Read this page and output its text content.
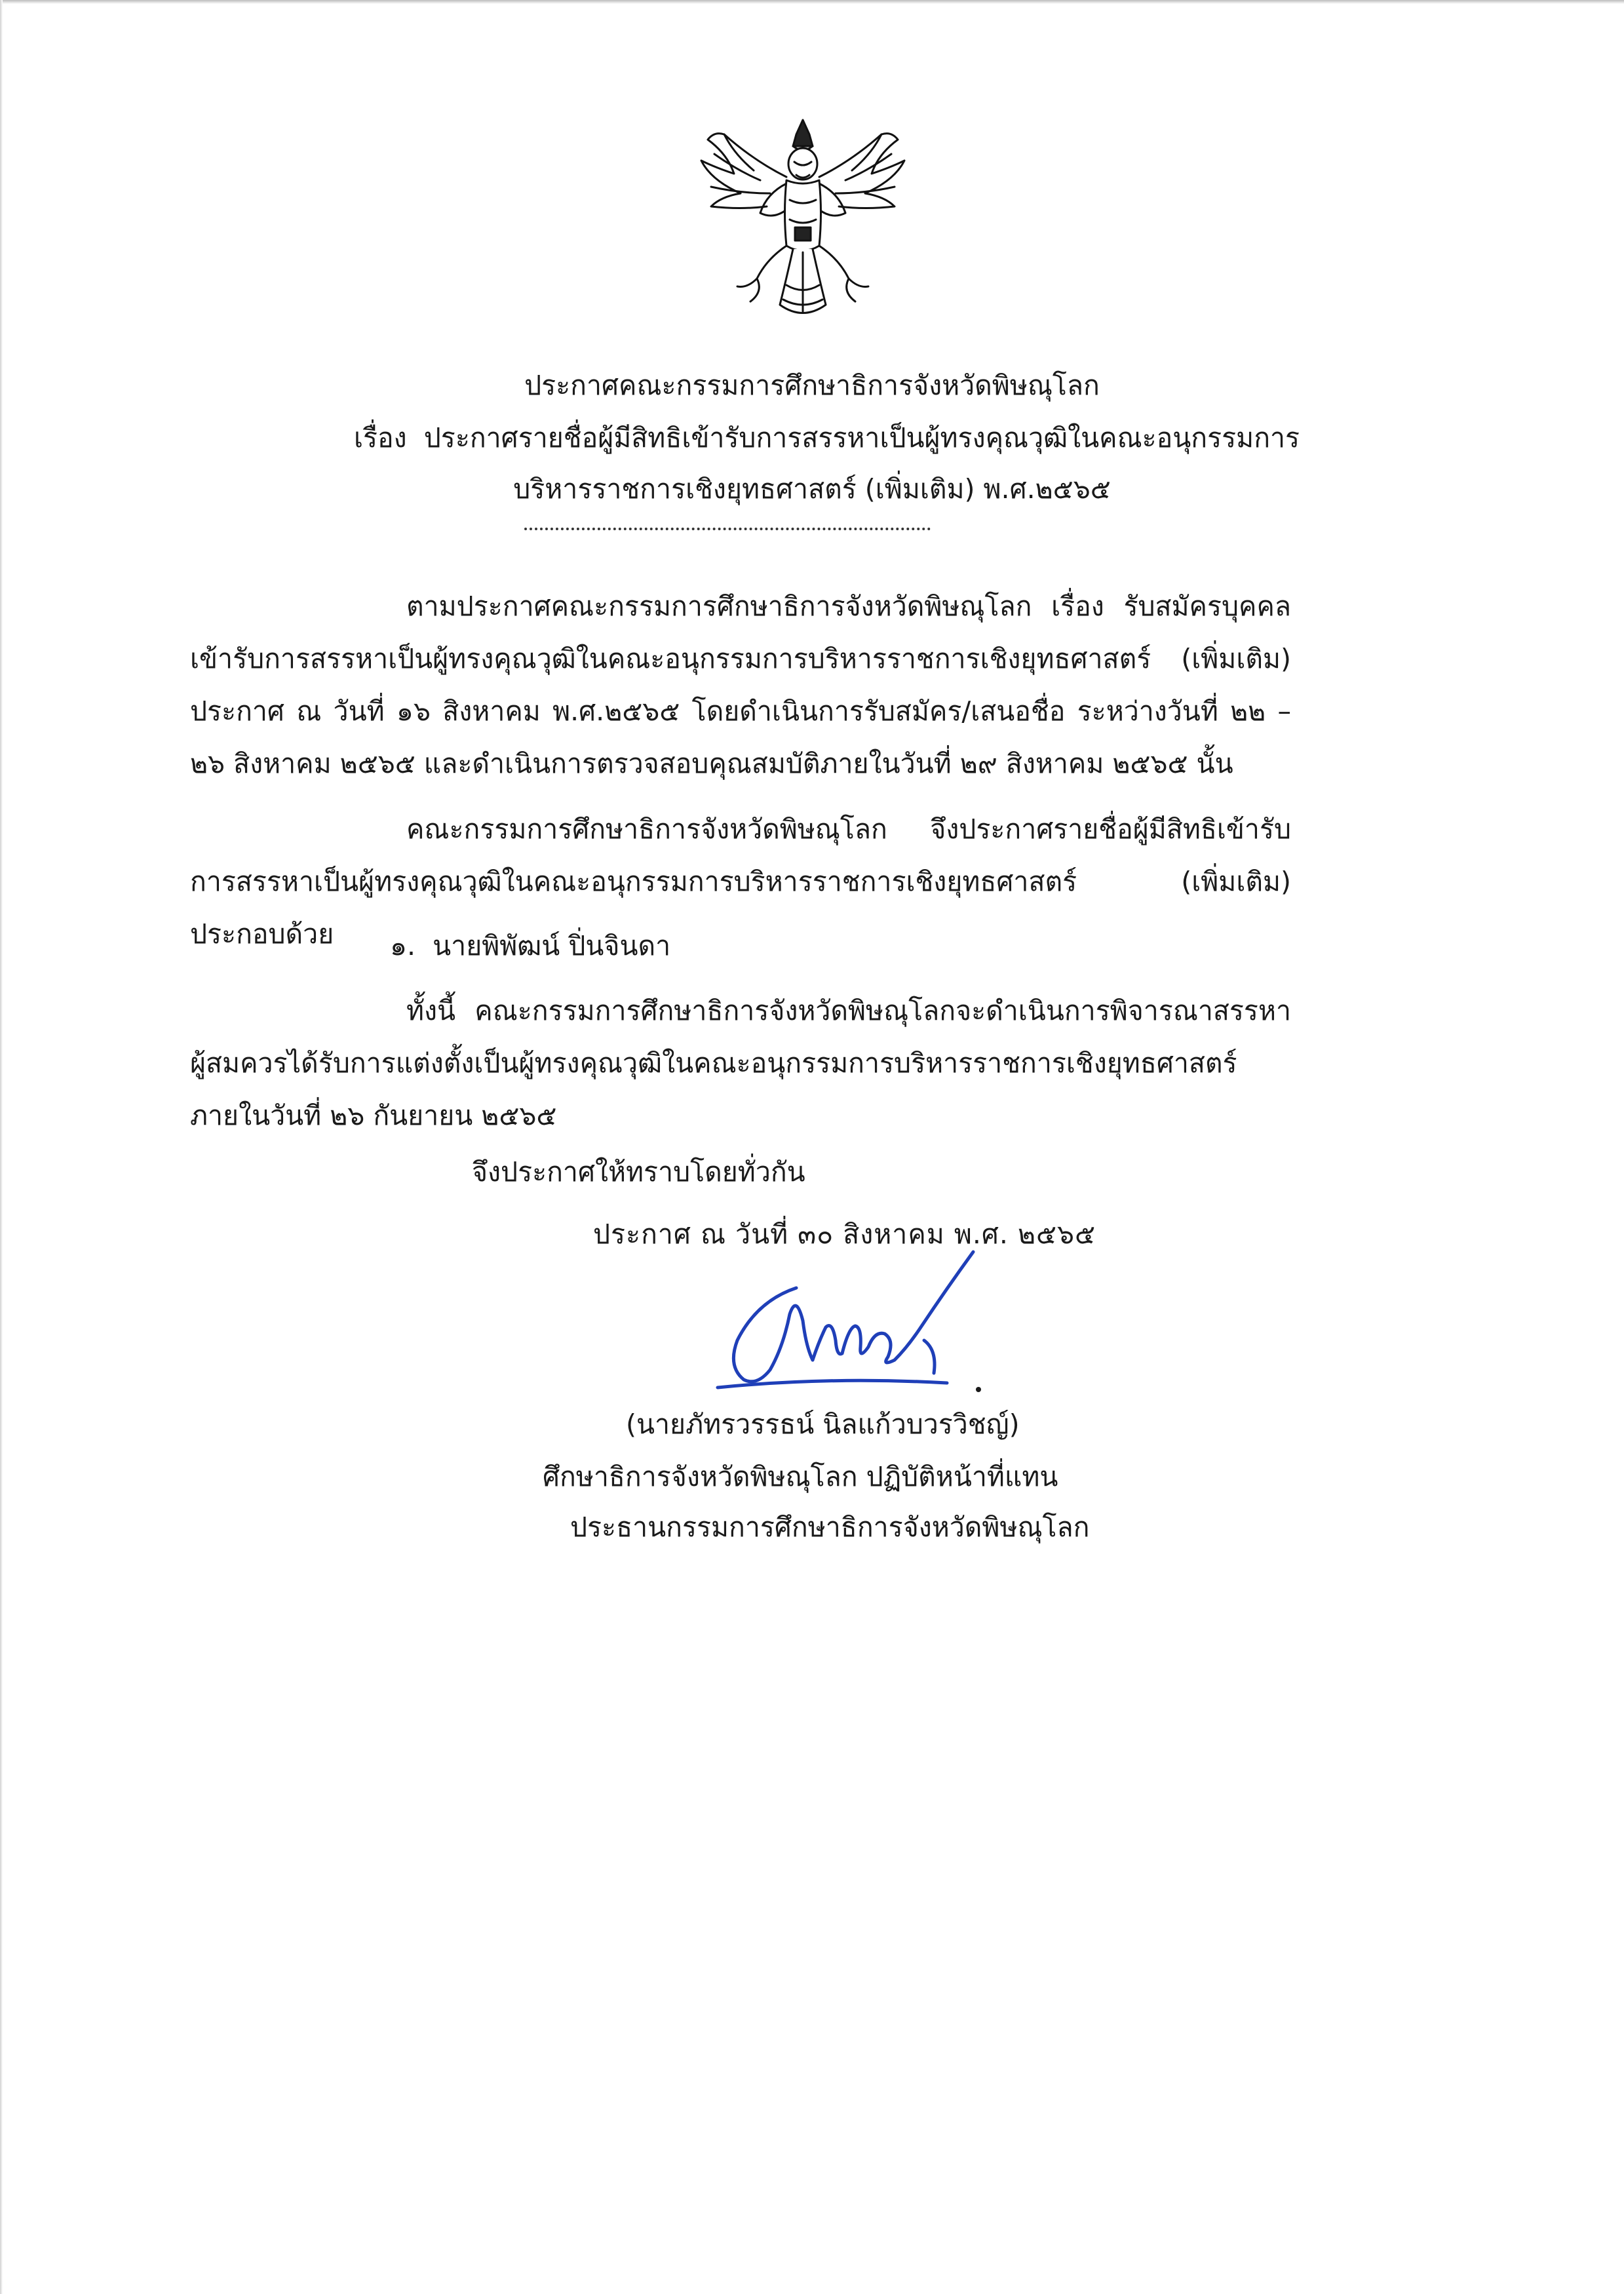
ประกาศคณะกรรมการศึกษาธิการจังหวัดพิษณุโลก
เรื่อง ประกาศรายชื่อผู้มีสิทธิเข้ารับการสรรหาเป็นผู้ทรงคุณวุฒิในคณะอนุกรรมการ
บริหารราชการเชิงยุทธศาสตร์ (เพิ่มเติม) พ.ศ.๒๕๖๕
ตามประกาศคณะกรรมการศึกษาธิการจังหวัดพิษณุโลก เรื่อง รับสมัครบุคคลเข้ารับการสรรหาเป็นผู้ทรงคุณวุฒิในคณะอนุกรรมการบริหารราชการเชิงยุทธศาสตร์ (เพิ่มเติม) ประกาศ ณ วันที่ ๑๖ สิงหาคม พ.ศ.๒๕๖๕ โดยดำเนินการรับสมัคร/เสนอชื่อ ระหว่างวันที่ ๒๒ – ๒๖ สิงหาคม ๒๕๖๕ และดำเนินการตรวจสอบคุณสมบัติภายในวันที่ ๒๙ สิงหาคม ๒๕๖๕ นั้น
คณะกรรมการศึกษาธิการจังหวัดพิษณุโลก จึงประกาศรายชื่อผู้มีสิทธิเข้ารับการสรรหาเป็นผู้ทรงคุณวุฒิในคณะอนุกรรมการบริหารราชการเชิงยุทธศาสตร์ (เพิ่มเติม) ประกอบด้วย	๑. นายพิพัฒน์ ปิ่นจินดา
ทั้งนี้ คณะกรรมการศึกษาธิการจังหวัดพิษณุโลกจะดำเนินการพิจารณาสรรหาผู้สมควรได้รับการแต่งตั้งเป็นผู้ทรงคุณวุฒิในคณะอนุกรรมการบริหารราชการเชิงยุทธศาสตร์ ภายในวันที่ ๒๖ กันยายน ๒๕๖๕
จึงประกาศให้ทราบโดยทั่วกัน
ประกาศ ณ วันที่ ๓๐ สิงหาคม พ.ศ. ๒๕๖๕
(นายภัทรวรรธน์ นิลแก้วบวรวิชญ์)
ศึกษาธิการจังหวัดพิษณุโลก ปฏิบัติหน้าที่แทน
ประธานกรรมการศึกษาธิการจังหวัดพิษณุโลก
